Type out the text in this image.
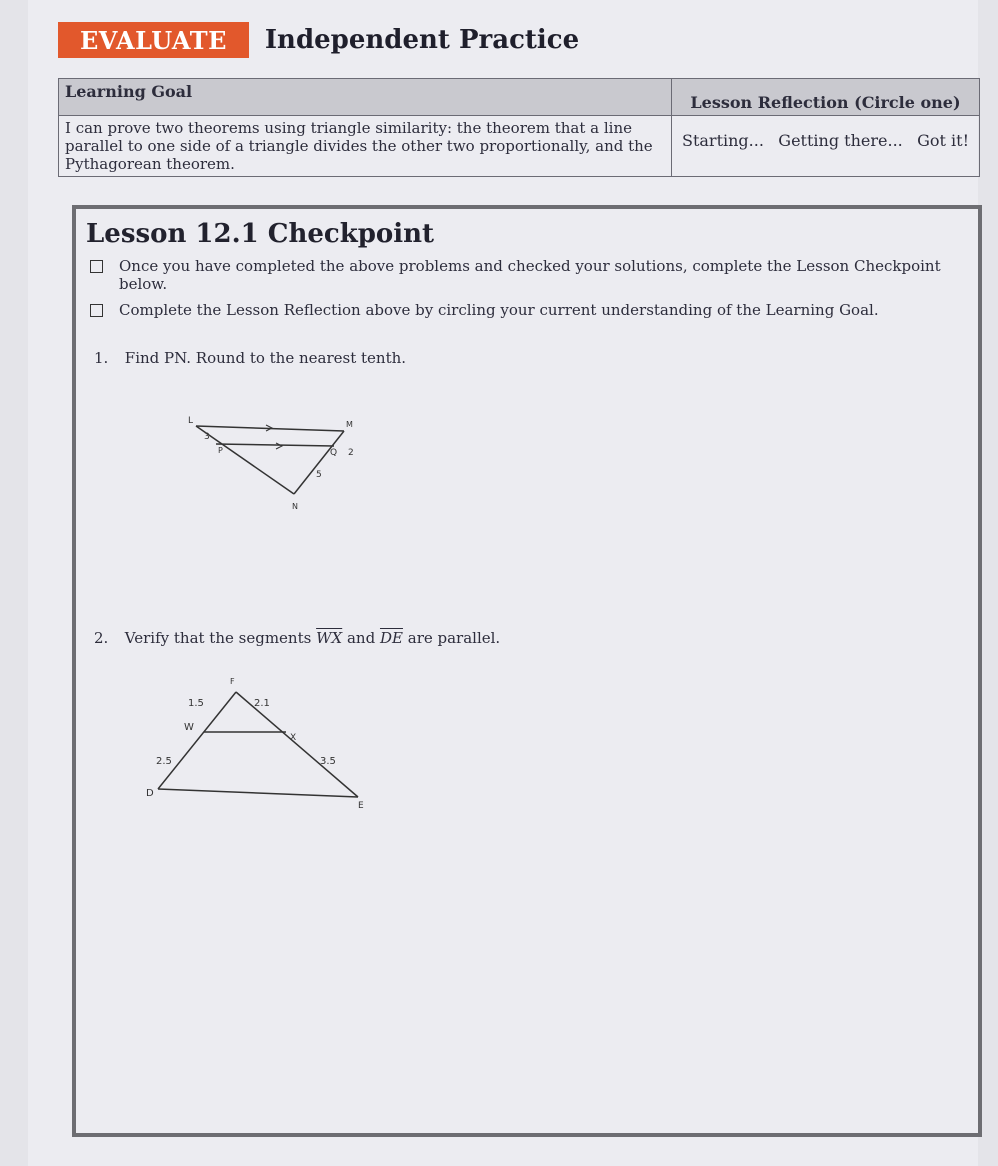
EVALUATE	Independent Practice
Learning Goal	Lesson Reflection (Circle one)
I can prove two theorems using triangle similarity: the theorem that a line parallel to one side of a triangle divides the other two proportionally, and the Pythagorean theorem.	Starting... Getting there... Got it!
Lesson 12.1 Checkpoint
Once you have completed the above problems and checked your solutions, complete the Lesson Checkpoint below.
Complete the Lesson Reflection above by circling your current understanding of the Learning Goal.
1. Find PN. Round to the nearest tenth.
L
3
P
M
Q 2
5
N
2. Verify that the segments $\overline{WX}$ and $\overline{DE}$ are parallel.
F
1.5	2.1
W
X
2.5	3.5
D
E
